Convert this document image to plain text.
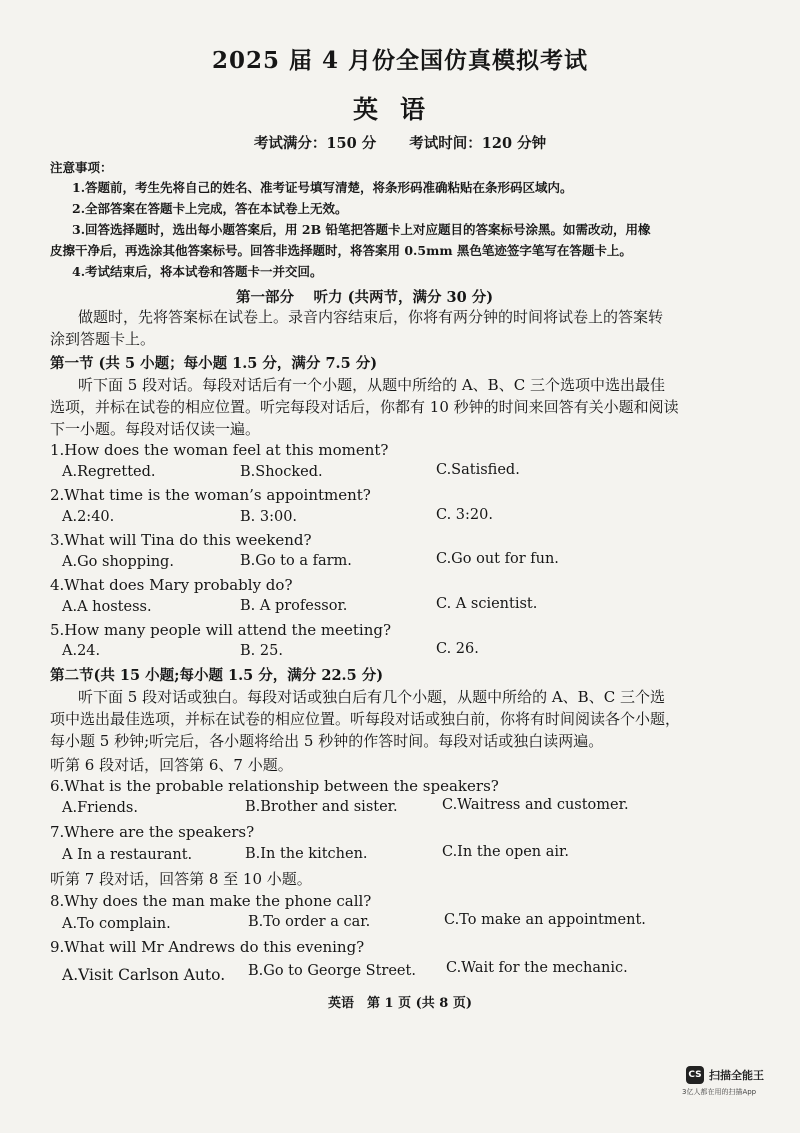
2025 届 4 月份全国仿真模拟考试
英语
考试满分：150 分 考试时间：120 分钟
注意事项：
1.答题前，考生先将自己的姓名、准考证号填写清楚，将条形码准确粘贴在条形码区域内。
2.全部答案在答题卡上完成，答在本试卷上无效。
3.回答选择题时，选出每小题答案后，用 2B 铅笔把答题卡上对应题目的答案标号涂黑。如需改动，用橡
皮擦干净后，再选涂其他答案标号。回答非选择题时，将答案用 0.5mm 黑色笔迹签字笔写在答题卡上。
4.考试结束后，将本试卷和答题卡一并交回。
第一部分　 听力 (共两节，满分 30 分)
做题时，先将答案标在试卷上。录音内容结束后，你将有两分钟的时间将试卷上的答案转
涂到答题卡上。
第一节 (共 5 小题；每小题 1.5 分，满分 7.5 分)
听下面 5 段对话。每段对话后有一个小题，从题中所给的 A、B、C 三个选项中选出最佳
选项，并标在试卷的相应位置。听完每段对话后，你都有 10 秒钟的时间来回答有关小题和阅读
下一小题。每段对话仅读一遍。
1.How does the woman feel at this moment?
A.Regretted.	B.Shocked.	C.Satisfied.
2.What time is the woman’s appointment?
A.2:40.	B. 3:00.	C. 3:20.
3.What will Tina do this weekend?
A.Go shopping.	B.Go to a farm.	C.Go out for fun.
4.What does Mary probably do?
A.A hostess.	B. A professor.	C. A scientist.
5.How many people will attend the meeting?
A.24.	B. 25.	C. 26.
第二节(共 15 小题;每小题 1.5 分，满分 22.5 分)
听下面 5 段对话或独白。每段对话或独白后有几个小题，从题中所给的 A、B、C 三个选
项中选出最佳选项，并标在试卷的相应位置。听每段对话或独白前，你将有时间阅读各个小题，
每小题 5 秒钟;听完后，各小题将给出 5 秒钟的作答时间。每段对话或独白读两遍。
听第 6 段对话，回答第 6、7 小题。
6.What is the probable relationship between the speakers?
A.Friends.	B.Brother and sister.	C.Waitress and customer.
7.Where are the speakers?
A In a restaurant.	B.In the kitchen.	C.In the open air.
听第 7 段对话，回答第 8 至 10 小题。
8.Why does the man make the phone call?
A.To complain.	B.To order a car.	C.To make an appointment.
9.What will Mr Andrews do this evening?
A.Visit Carlson Auto. B.Go to George Street. C.Wait for the mechanic.
英语　第 1 页 (共 8 页)
CS 扫描全能王
3亿人都在用的扫描App
